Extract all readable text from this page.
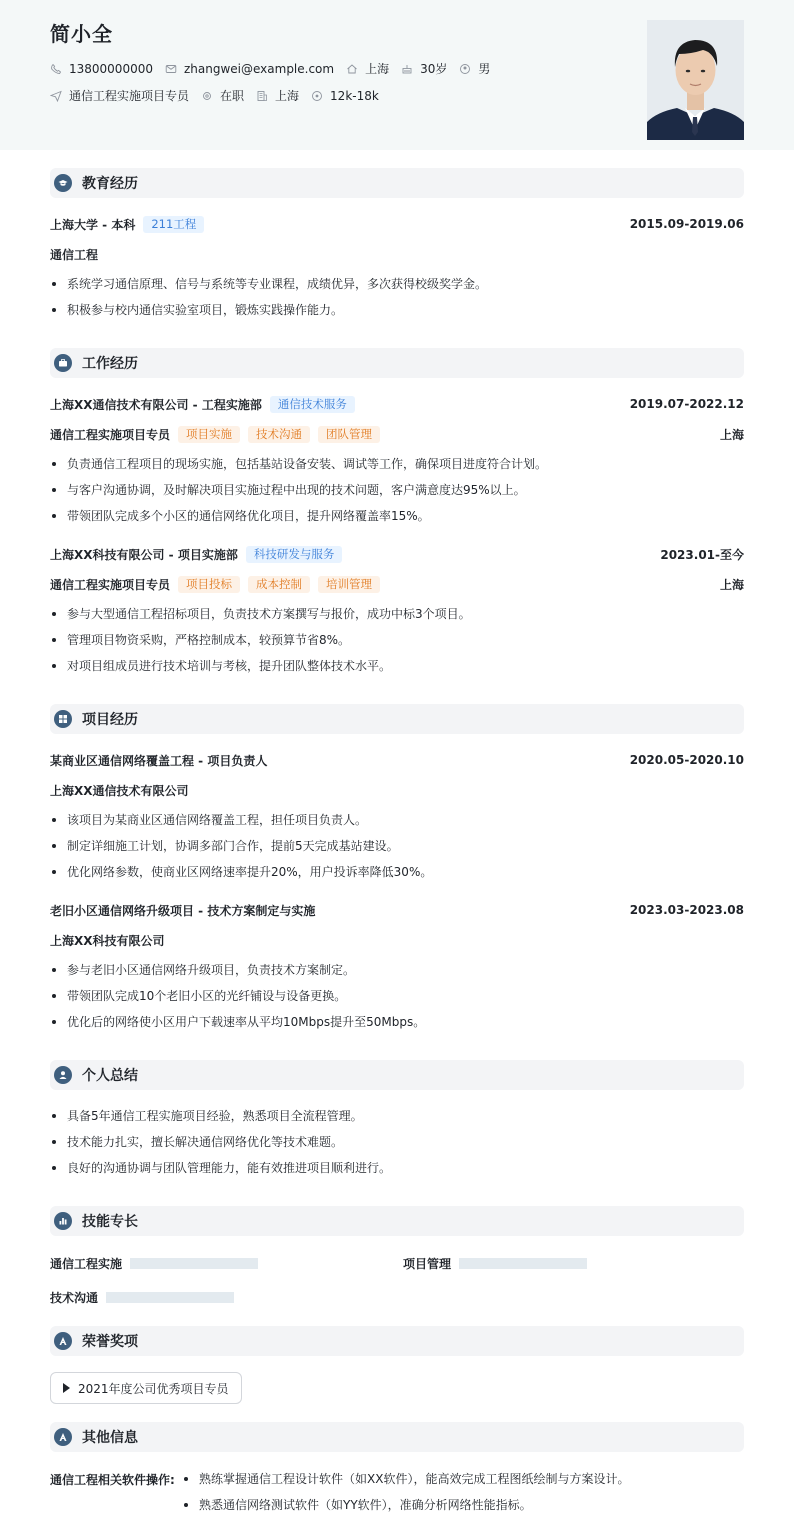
简小全
13800000000	zhangwei@example.com	上海	30岁	男
通信工程实施项目专员	在职	上海	12k-18k
教育经历
上海大学 - 本科	211工程	2015.09-2019.06
通信工程
系统学习通信原理、信号与系统等专业课程，成绩优异，多次获得校级奖学金。
积极参与校内通信实验室项目，锻炼实践操作能力。
工作经历
上海XX通信技术有限公司 - 工程实施部	通信技术服务	2019.07-2022.12
通信工程实施项目专员	项目实施	技术沟通	团队管理	上海
负责通信工程项目的现场实施，包括基站设备安装、调试等工作，确保项目进度符合计划。
与客户沟通协调，及时解决项目实施过程中出现的技术问题，客户满意度达95%以上。
带领团队完成多个小区的通信网络优化项目，提升网络覆盖率15%。
上海XX科技有限公司 - 项目实施部	科技研发与服务	2023.01-至今
通信工程实施项目专员	项目投标	成本控制	培训管理	上海
参与大型通信工程招标项目，负责技术方案撰写与报价，成功中标3个项目。
管理项目物资采购，严格控制成本，较预算节省8%。
对项目组成员进行技术培训与考核，提升团队整体技术水平。
项目经历
某商业区通信网络覆盖工程 - 项目负责人	2020.05-2020.10
上海XX通信技术有限公司
该项目为某商业区通信网络覆盖工程，担任项目负责人。
制定详细施工计划，协调多部门合作，提前5天完成基站建设。
优化网络参数，使商业区网络速率提升20%，用户投诉率降低30%。
老旧小区通信网络升级项目 - 技术方案制定与实施	2023.03-2023.08
上海XX科技有限公司
参与老旧小区通信网络升级项目，负责技术方案制定。
带领团队完成10个老旧小区的光纤铺设与设备更换。
优化后的网络使小区用户下载速率从平均10Mbps提升至50Mbps。
个人总结
具备5年通信工程实施项目经验，熟悉项目全流程管理。
技术能力扎实，擅长解决通信网络优化等技术难题。
良好的沟通协调与团队管理能力，能有效推进项目顺利进行。
技能专长
通信工程实施	项目管理
技术沟通
荣誉奖项
2021年度公司优秀项目专员
其他信息
通信工程相关软件操作:	熟练掌握通信工程设计软件（如XX软件），能高效完成工程图纸绘制与方案设计。
熟悉通信网络测试软件（如YY软件），准确分析网络性能指标。
